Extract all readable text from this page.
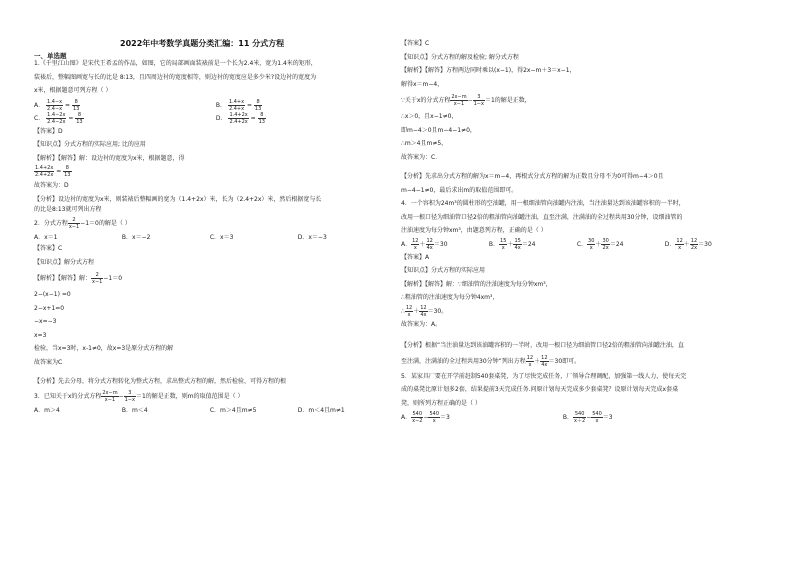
2022年中考数学真题分类汇编：11 分式方程
一、单选题
1.《千里江山图》是宋代王希孟的作品，如图，它的局部画面装裱前是一个长为2.4米，宽为1.4米的矩形，
装裱后，整幅图画宽与长的比是 8∶13，且四周边衬的宽度相等，则边衬的宽度应是多少米?设边衬的宽度为
x米，根据题意可列方程（ ）
A． $\frac{1.4-x}{2.4-x} = \frac{8}{13}$	B． $\frac{1.4+x}{2.4+x} = \frac{8}{13}$
C． $\frac{1.4-2x}{2.4-2x} = \frac{8}{13}$	D． $\frac{1.4+2x}{2.4+2x} = \frac{8}{13}$
【答案】D
【知识点】分式方程的实际应用; 比的应用
【解析】【解答】解：设边衬的宽度为x米，根据题意，得
$\frac{1.4+2x}{2.4+2x} = \frac{8}{13}$
故答案为：D
【分析】设边衬的宽度为x米，则装裱后整幅画的宽为（1.4+2x）米，长为（2.4+2x）米，然后根据宽与长
的比是8:13就可列出方程
2．分式方程 $\frac{2}{x-1} -1=0$的解是（ ）
A．x＝1	B．x＝−2	C．x＝3	D．x＝−3
【答案】C
【知识点】解分式方程
【解析】【解答】解： $\frac{2}{x-1} -1=0$
2−(x−1) =0
2−x+1=0
−x=−3
x=3
检验，当x=3时，x-1≠0，故x=3是原分式方程的解
故答案为C
【分析】先去分母，将分式方程转化为整式方程，求出整式方程的解，然后检验，可得方程的根
3．已知关于x的分式方程 $\frac{2x-m}{x-1} - \frac{3}{1-x} =1$的解是正数，则m的取值范围是（ ）
A．m＞4	B．m＜4	C．m＞4且m≠5	D．m＜4且m≠1
【答案】C
【知识点】分式方程的解及检验; 解分式方程
【解析】【解答】方程两边同时乘以(x−1)，得2x−m＋3＝x−1，
解得x＝m−4，
∵关于x的分式方程 $\frac{2x-m}{x-1} - \frac{3}{1-x} =1$的解是正数，
∴x＞0，且x−1≠0，
即m−4＞0且m−4−1≠0，
∴m＞4且m≠5，
故答案为：C．
【分析】先求出分式方程的解为x＝m−4，再根式分式方程的解为正数且分母不为0可得m−4＞0且
m−4−1≠0，最后求出m的取值范围即可。
4．一个容积为24m³的圆柱形的空油罐，用一根细油管向油罐内注油，当注油量达到该油罐容积的一半时，
改用一根口径为细油管口径2倍的粗油管向油罐注油，直至注满，注满油的全过程共用30分钟，设细油管的
注油速度为每分钟xm³，由题意列方程，正确的是（ ）
A． $\frac{12}{x} + \frac{12}{4x} =30$	B． $\frac{15}{x} + \frac{15}{4x} =24$	C． $\frac{30}{x} + \frac{30}{2x} =24$	D． $\frac{12}{x} + \frac{12}{2x} =30$
【答案】A
【知识点】分式方程的实际应用
【解析】【解答】解：∵细油管的注油速度为每分钟xm³，
∴粗油管的注油速度为每分钟4xm³，
∴ $\frac{12}{x} + \frac{12}{4x} =30$。
故答案为：A。
【分析】根据“当注油量达到该油罐容积的一半时，改用一根口径为细油管口径2倍的粗油管向油罐注油，直
至注满，注满油的全过程共用30分钟”列出方程 $\frac{12}{x} + \frac{12}{4x} =30$即可。
5．某家具厂要在开学前赶制540套桌凳，为了尽快完成任务，厂领导合理调配，加强第一线人力，使每天完
成的桌凳比原计划多2套，结果提前3天完成任务.问原计划每天完成多少套桌凳？设原计划每天完成x套桌
凳，则所列方程正确的是（ ）
A． $\frac{540}{x-2} - \frac{540}{x} =3$	B． $\frac{540}{x+2} - \frac{540}{x} =3$
